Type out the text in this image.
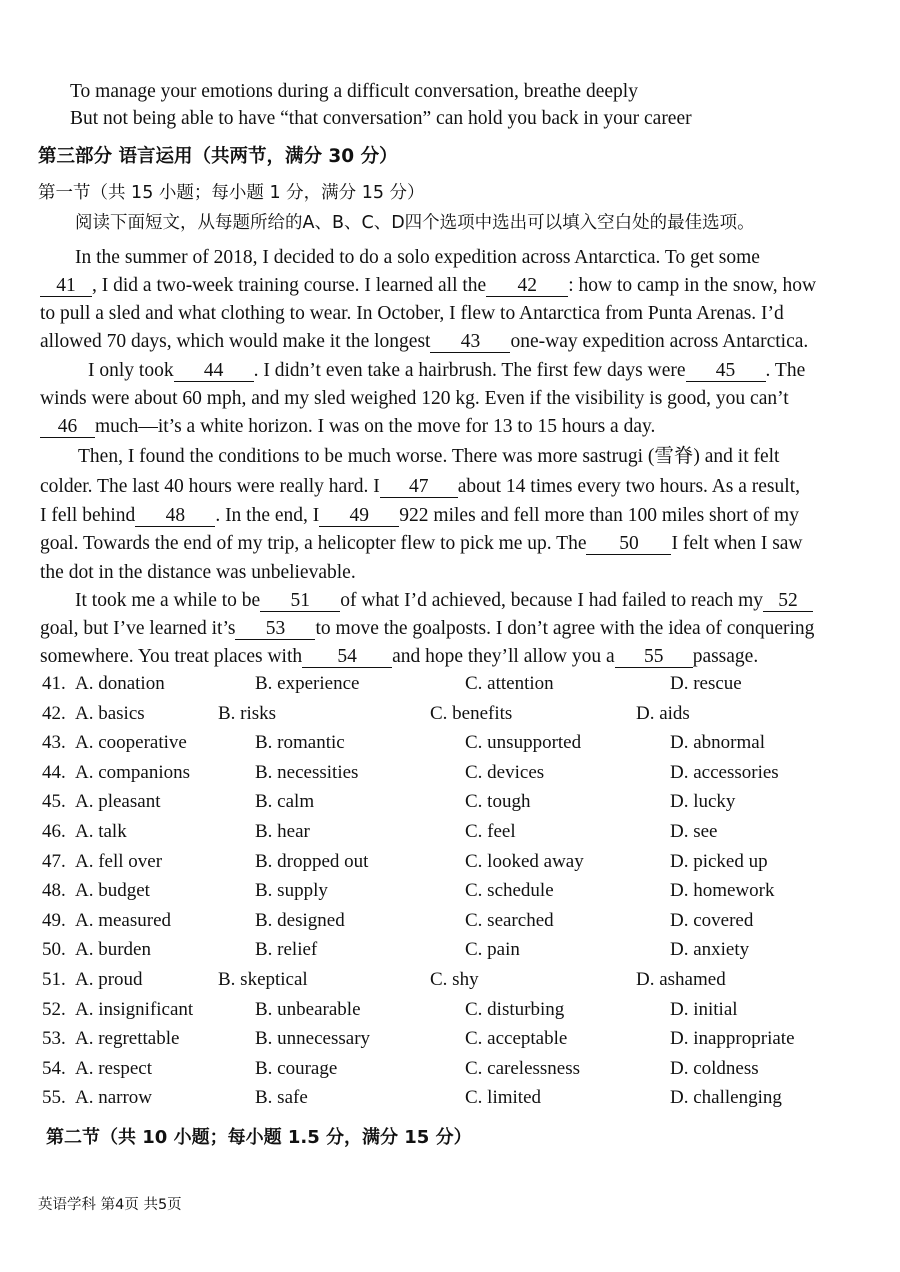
To manage your emotions during a difficult conversation, breathe deeply
But not being able to have “that conversation” can hold you back in your career
第三部分 语言运用（共两节，满分 30 分）
第一节（共 15 小题；每小题 1 分，满分 15 分）
阅读下面短文，从每题所给的A、B、C、D四个选项中选出可以填入空白处的最佳选项。
In the summer of 2018, I decided to do a solo expedition across Antarctica. To get some
41 , I did a two-week training course. I learned all the 42 : how to camp in the snow, how
to pull a sled and what clothing to wear. In October, I flew to Antarctica from Punta Arenas. I’d
allowed 70 days, which would make it the longest 43 one-way expedition across Antarctica.
I only took 44 . I didn’t even take a hairbrush. The first few days were 45 . The
winds were about 60 mph, and my sled weighed 120 kg. Even if the visibility is good, you can’t
46 much—it’s a white horizon. I was on the move for 13 to 15 hours a day.
Then, I found the conditions to be much worse. There was more sastrugi (雪脊) and it felt
colder. The last 40 hours were really hard. I 47 about 14 times every two hours. As a result,
I fell behind 48 . In the end, I 49 922 miles and fell more than 100 miles short of my
goal. Towards the end of my trip, a helicopter flew to pick me up. The 50 I felt when I saw
the dot in the distance was unbelievable.
It took me a while to be 51 of what I’d achieved, because I had failed to reach my 52
goal, but I’ve learned it’s 53 to move the goalposts. I don’t agree with the idea of conquering
somewhere. You treat places with 54 and hope they’ll allow you a 55 passage.
41. A. donation	B. experience	C. attention	D. rescue
42. A. basics	B. risks	C. benefits	D. aids
43. A. cooperative	B. romantic	C. unsupported	D. abnormal
44. A. companions	B. necessities	C. devices	D. accessories
45. A. pleasant	B. calm	C. tough	D. lucky
46. A. talk	B. hear	C. feel	D. see
47. A. fell over	B. dropped out	C. looked away	D. picked up
48. A. budget	B. supply	C. schedule	D. homework
49. A. measured	B. designed	C. searched	D. covered
50. A. burden	B. relief	C. pain	D. anxiety
51. A. proud	B. skeptical	C. shy	D. ashamed
52. A. insignificant	B. unbearable	C. disturbing	D. initial
53. A. regrettable	B. unnecessary	C. acceptable	D. inappropriate
54. A. respect	B. courage	C. carelessness	D. coldness
55. A. narrow	B. safe	C. limited	D. challenging
第二节（共 10 小题；每小题 1.5 分，满分 15 分）
英语学科 第4页 共5页
